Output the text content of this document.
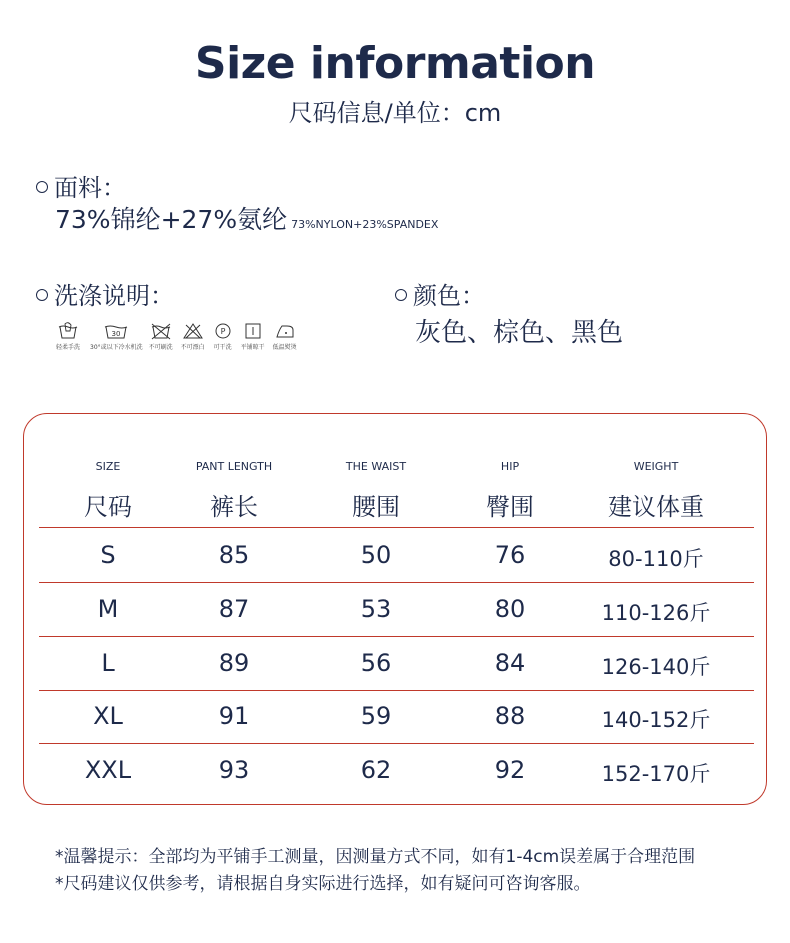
Size information
尺码信息/单位：cm
面料：
73%锦纶+27%氨纶 73%NYLON+23%SPANDEX
洗涤说明：
轻柔手洗
30
30°或以下冷水机洗 不可刷洗 不可漂白
P
可干洗 平铺晾干 低温熨烫
颜色：
灰色、棕色、黑色
SIZE	PANT LENGTH	THE WAIST	HIP	WEIGHT
尺码	裤长	腰围	臀围	建议体重
S	85	50	76	80-110斤
M	87	53	80	110-126斤
L	89	56	84	126-140斤
XL	91	59	88	140-152斤
XXL	93	62	92	152-170斤
*温馨提示：全部均为平铺手工测量，因测量方式不同，如有1-4cm误差属于合理范围
*尺码建议仅供参考，请根据自身实际进行选择，如有疑问可咨询客服。
